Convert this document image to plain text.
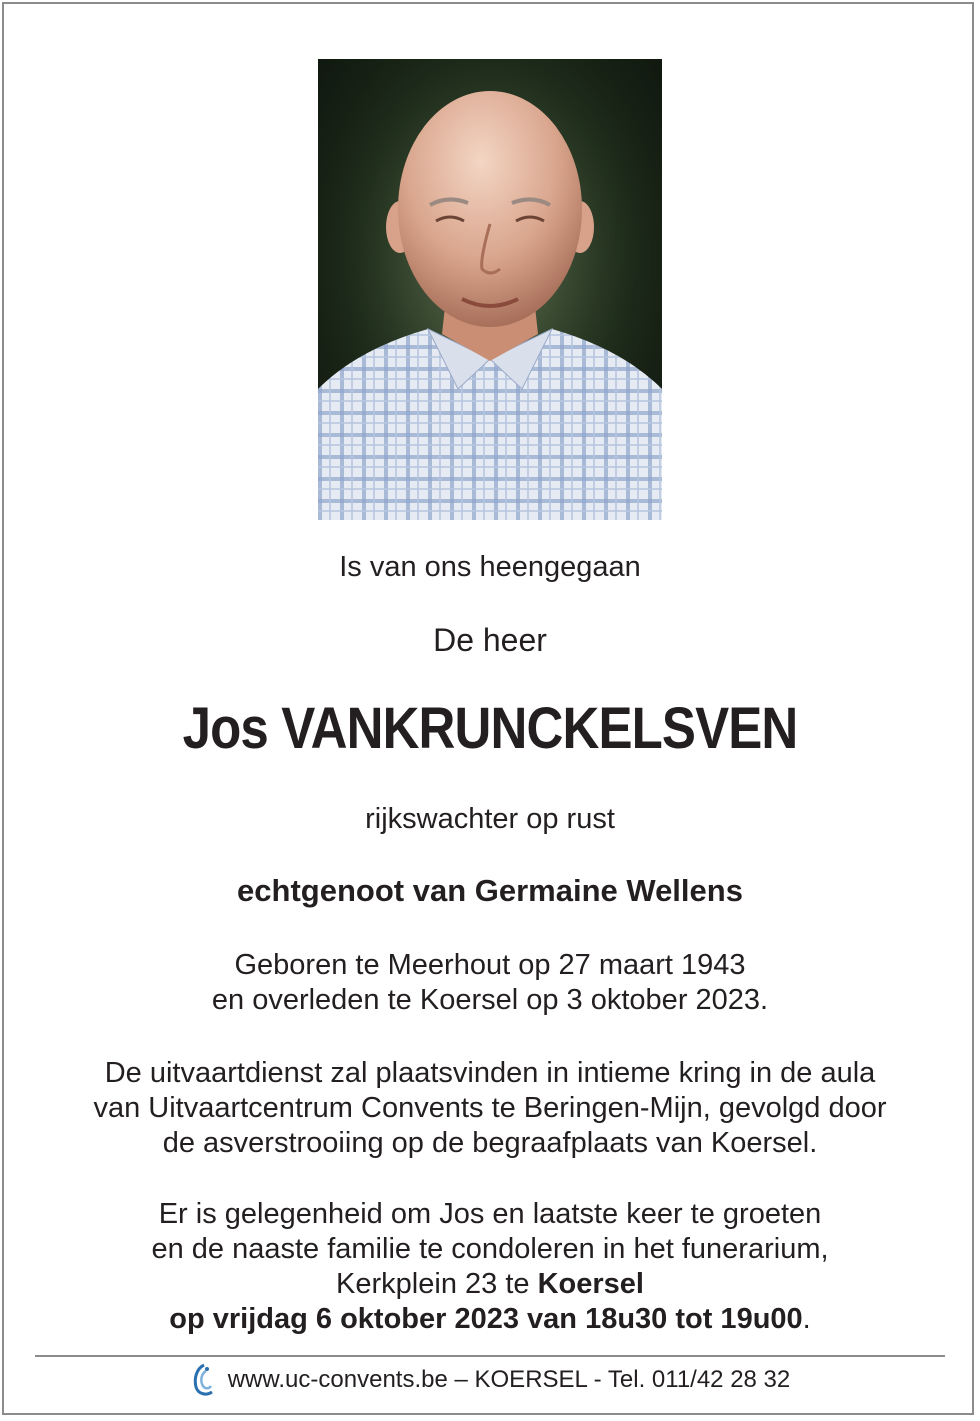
Is van ons heengegaan
De heer
Jos VANKRUNCKELSVEN
rijkswachter op rust
echtgenoot van Germaine Wellens
Geboren te Meerhout op 27 maart 1943
en overleden te Koersel op 3 oktober 2023.
De uitvaartdienst zal plaatsvinden in intieme kring in de aula
van Uitvaartcentrum Convents te Beringen-Mijn, gevolgd door
de asverstrooiing op de begraafplaats van Koersel.
Er is gelegenheid om Jos en laatste keer te groeten
en de naaste familie te condoleren in het funerarium,
Kerkplein 23 te Koersel
op vrijdag 6 oktober 2023 van 18u30 tot 19u00.
www.uc-convents.be – KOERSEL - Tel. 011/42 28 32
